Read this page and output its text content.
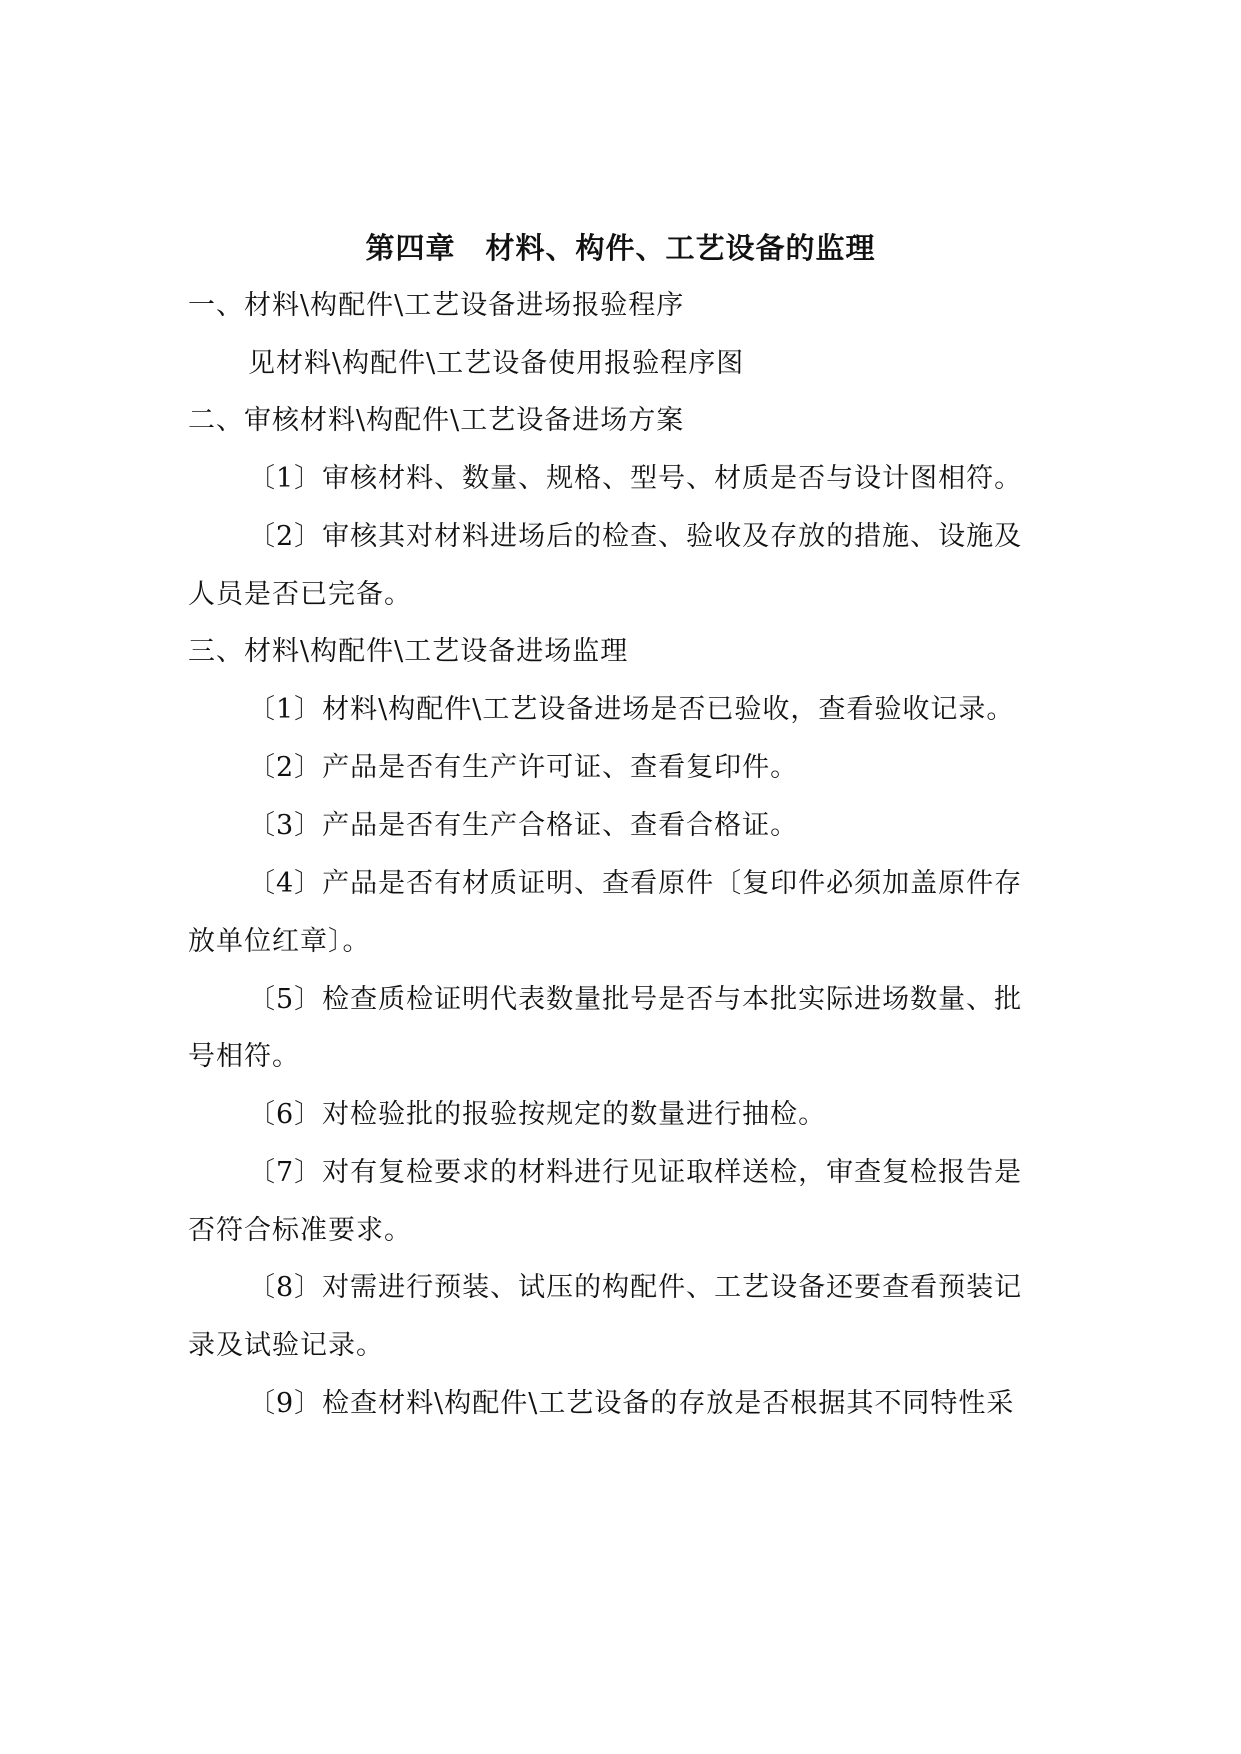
第四章　材料、构件、工艺设备的监理
一、材料\构配件\工艺设备进场报验程序
见材料\构配件\工艺设备使用报验程序图
二、审核材料\构配件\工艺设备进场方案
〔1〕审核材料、数量、规格、型号、材质是否与设计图相符。
〔2〕审核其对材料进场后的检查、验收及存放的措施、设施及
人员是否已完备。
三、材料\构配件\工艺设备进场监理
〔1〕材料\构配件\工艺设备进场是否已验收，查看验收记录。
〔2〕产品是否有生产许可证、查看复印件。
〔3〕产品是否有生产合格证、查看合格证。
〔4〕产品是否有材质证明、查看原件〔复印件必须加盖原件存
放单位红章〕。
〔5〕检查质检证明代表数量批号是否与本批实际进场数量、批
号相符。
〔6〕对检验批的报验按规定的数量进行抽检。
〔7〕对有复检要求的材料进行见证取样送检，审查复检报告是
否符合标准要求。
〔8〕对需进行预装、试压的构配件、工艺设备还要查看预装记
录及试验记录。
〔9〕检查材料\构配件\工艺设备的存放是否根据其不同特性采
